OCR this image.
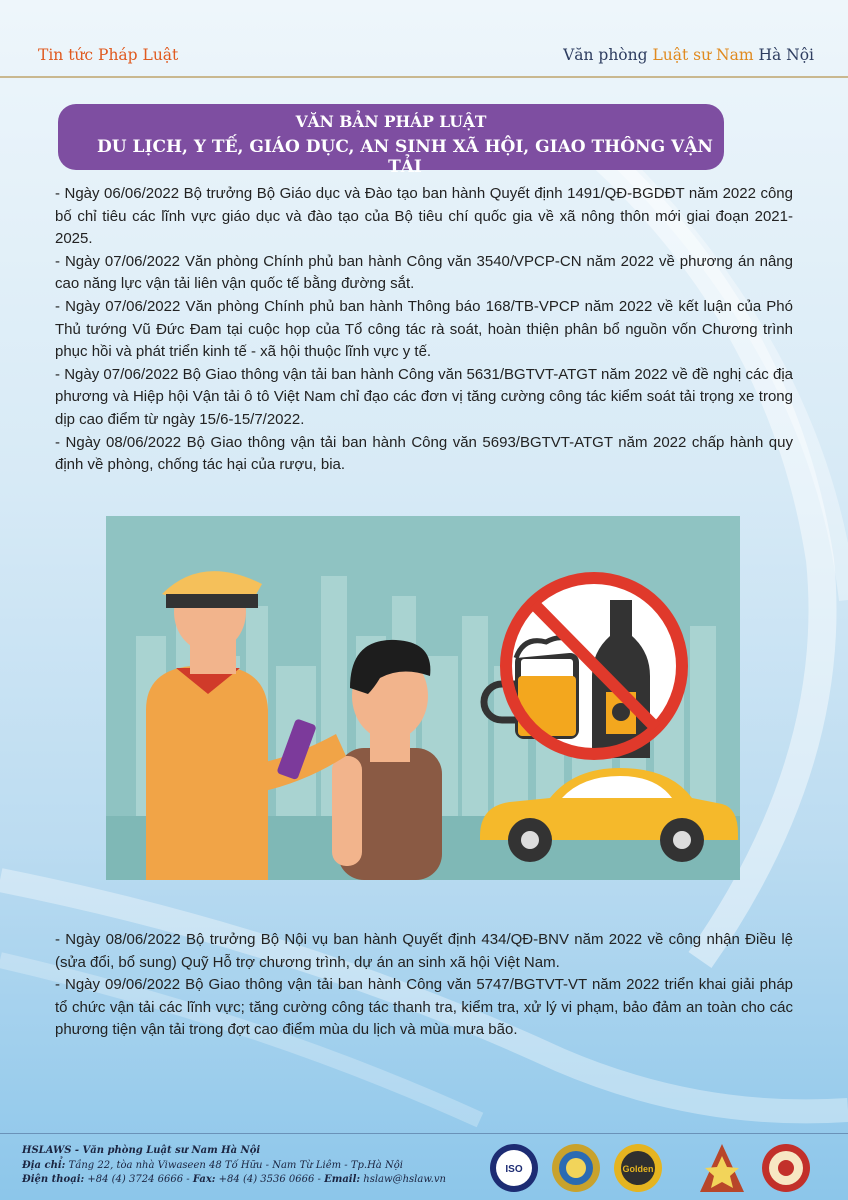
Tin tức Pháp Luật	Văn phòng Luật sư Nam Hà Nội
VĂN BẢN PHÁP LUẬT
DU LỊCH, Y TẾ, GIÁO DỤC, AN SINH XÃ HỘI, GIAO THÔNG VẬN TẢI

- Ngày 06/06/2022 Bộ trưởng Bộ Giáo dục và Đào tạo ban hành Quyết định 1491/QĐ-BGDĐT năm 2022 công bố chỉ tiêu các lĩnh vực giáo dục và đào tạo của Bộ tiêu chí quốc gia về xã nông thôn mới giai đoạn 2021-2025.

- Ngày 07/06/2022 Văn phòng Chính phủ ban hành Công văn 3540/VPCP-CN năm 2022 về phương án nâng cao năng lực vận tải liên vận quốc tế bằng đường sắt.

- Ngày 07/06/2022 Văn phòng Chính phủ ban hành Thông báo 168/TB-VPCP năm 2022 về kết luận của Phó Thủ tướng Vũ Đức Đam tại cuộc họp của Tổ công tác rà soát, hoàn thiện phân bổ nguồn vốn Chương trình phục hồi và phát triển kinh tế - xã hội thuộc lĩnh vực y tế.

- Ngày 07/06/2022 Bộ Giao thông vận tải ban hành Công văn 5631/BGTVT-ATGT năm 2022 về đề nghị các địa phương và Hiệp hội Vận tải ô tô Việt Nam chỉ đạo các đơn vị tăng cường công tác kiểm soát tải trọng xe trong dịp cao điểm từ ngày 15/6-15/7/2022.

- Ngày 08/06/2022 Bộ Giao thông vận tải ban hành Công văn 5693/BGTVT-ATGT năm 2022 chấp hành quy định về phòng, chống tác hại của rượu, bia.

- Ngày 08/06/2022 Bộ trưởng Bộ Nội vụ ban hành Quyết định 434/QĐ-BNV năm 2022 về công nhận Điều lệ (sửa đổi, bổ sung) Quỹ Hỗ trợ chương trình, dự án an sinh xã hội Việt Nam.

- Ngày 09/06/2022 Bộ Giao thông vận tải ban hành Công văn 5747/BGTVT-VT năm 2022 triển khai giải pháp tổ chức vận tải các lĩnh vực; tăng cường công tác thanh tra, kiểm tra, xử lý vi phạm, bảo đảm an toàn cho các phương tiện vận tải trong đợt cao điểm mùa du lịch và mùa mưa bão.

HSLAWS - Văn phòng Luật sư Nam Hà Nội
Địa chỉ: Tầng 22, tòa nhà Viwaseen 48 Tố Hữu - Nam Từ Liêm - Tp.Hà Nội
Điện thoại: +84 (4) 3724 6666 - Fax: +84 (4) 3536 0666 - Email: hslaw@hslaw.vn
ISO	Golden
